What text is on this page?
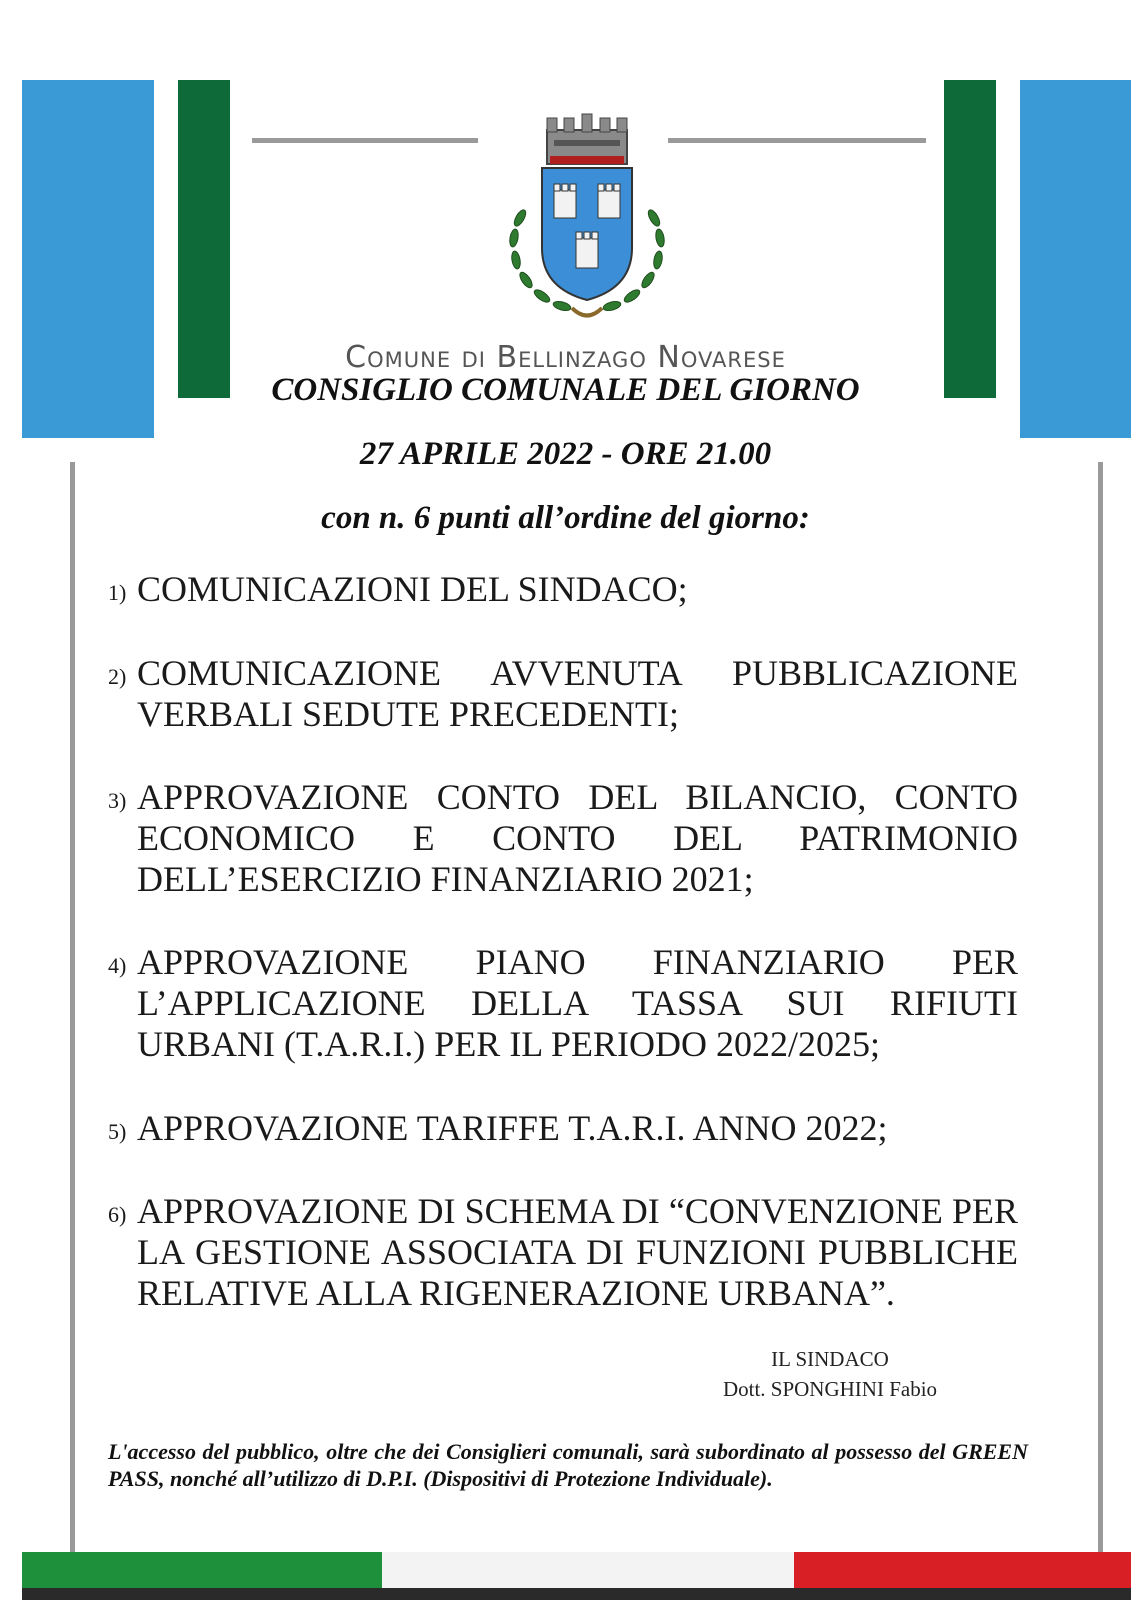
Comune di Bellinzago Novarese
CONSIGLIO COMUNALE DEL GIORNO
27 APRILE 2022 - ORE 21.00
con n. 6 punti all’ordine del giorno:
1) COMUNICAZIONI DEL SINDACO;
2) COMUNICAZIONE AVVENUTA PUBBLICAZIONE VERBALI SEDUTE PRECEDENTI;
3) APPROVAZIONE CONTO DEL BILANCIO, CONTO ECONOMICO E CONTO DEL PATRIMONIO DELL’ESERCIZIO FINANZIARIO 2021;
4) APPROVAZIONE PIANO FINANZIARIO PER L’APPLICAZIONE DELLA TASSA SUI RIFIUTI URBANI (T.A.R.I.) PER IL PERIODO 2022/2025;
5) APPROVAZIONE TARIFFE T.A.R.I. ANNO 2022;
6) APPROVAZIONE DI SCHEMA DI “CONVENZIONE PER LA GESTIONE ASSOCIATA DI FUNZIONI PUBBLICHE RELATIVE ALLA RIGENERAZIONE URBANA”.
IL SINDACO
Dott. SPONGHINI Fabio
L'accesso del pubblico, oltre che dei Consiglieri comunali, sarà subordinato al possesso del GREEN PASS, nonché all’utilizzo di D.P.I. (Dispositivi di Protezione Individuale).
